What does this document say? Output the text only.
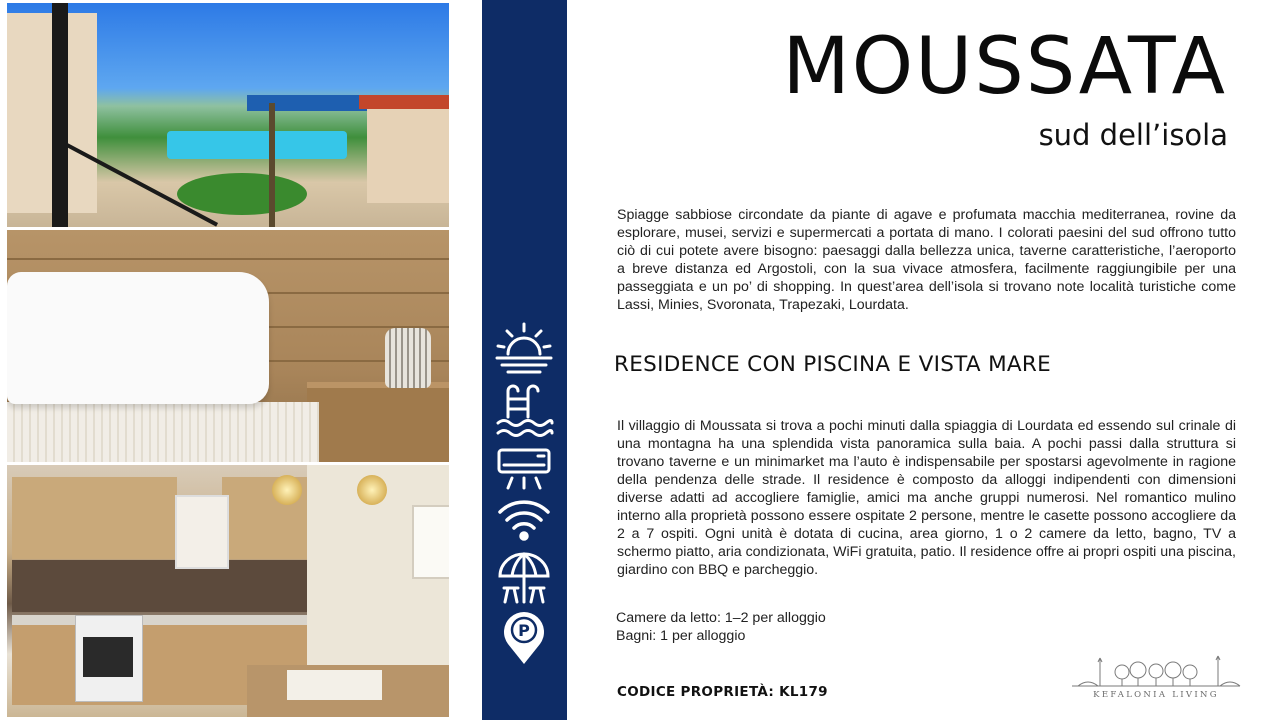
P
MOUSSATA
sud dell’isola

Spiagge sabbiose circondate da piante di agave e profumata macchia mediterranea, rovine da esplorare, musei, servizi e supermercati a portata di mano. I colorati paesini del sud offrono tutto ciò di cui potete avere bisogno: paesaggi dalla bellezza unica, taverne caratteristiche, l’aeroporto a breve distanza ed Argostoli, con la sua vivace atmosfera, facilmente raggiungibile per una passeggiata e un po’ di shopping. In quest’area dell’isola si trovano note località turistiche come Lassi, Minies, Svoronata, Trapezaki, Lourdata.

RESIDENCE CON PISCINA E VISTA MARE

Il villaggio di Moussata si trova a pochi minuti dalla spiaggia di Lourdata ed essendo sul crinale di una montagna ha una splendida vista panoramica sulla baia. A pochi passi dalla struttura si trovano taverne e un minimarket ma l’auto è indispensabile per spostarsi agevolmente in ragione della pendenza delle strade. Il residence è composto da alloggi indipendenti con dimensioni diverse adatti ad accogliere famiglie, amici ma anche gruppi numerosi. Nel romantico mulino interno alla proprietà possono essere ospitate 2 persone, mentre le casette possono accogliere da 2 a 7 ospiti. Ogni unità è dotata di cucina, area giorno, 1 o 2 camere da letto, bagno, TV a schermo piatto, aria condizionata, WiFi gratuita, patio. Il residence offre ai propri ospiti una piscina, giardino con BBQ e parcheggio.

Camere da letto: 1–2 per alloggio
Bagni: 1 per alloggio
CODICE PROPRIETÀ: KL179	KEFALONIA LIVING
